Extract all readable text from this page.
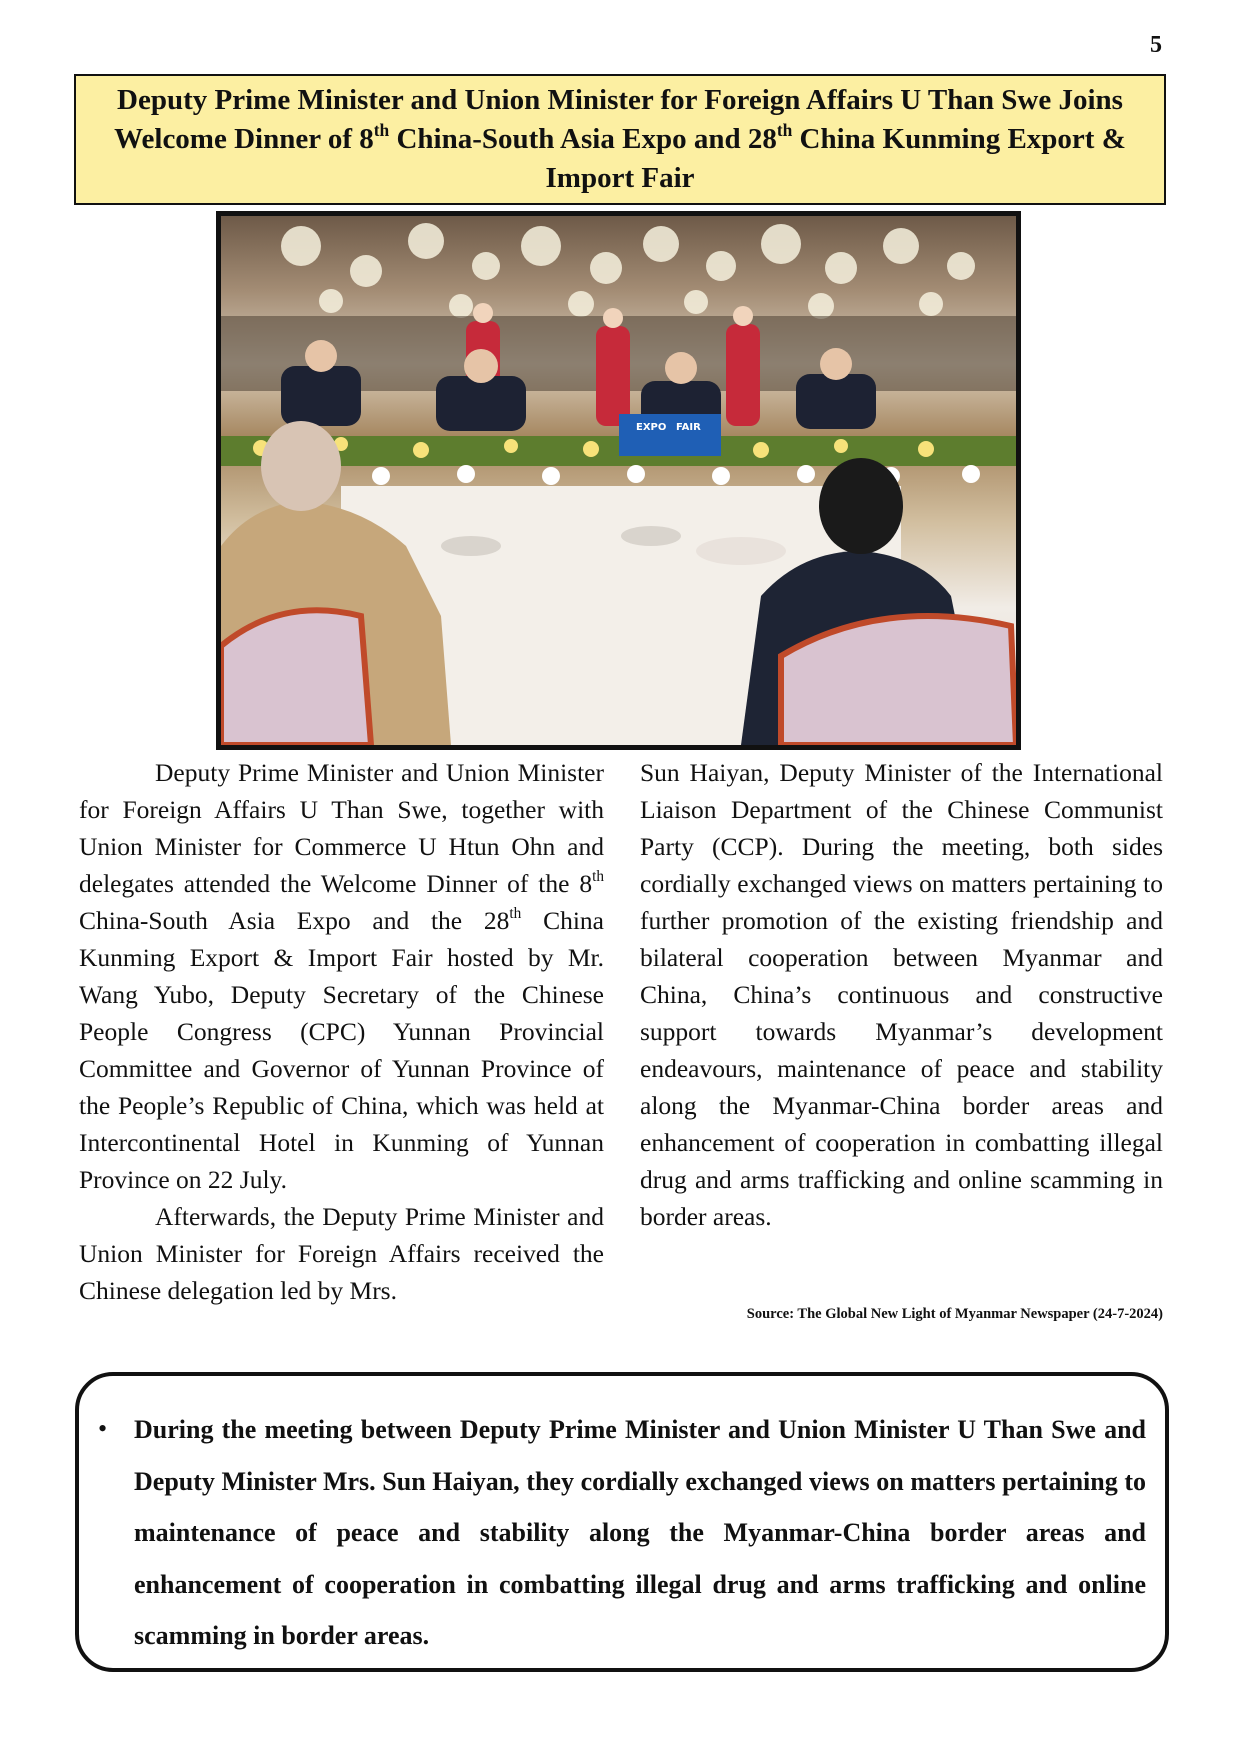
5
Deputy Prime Minister and Union Minister for Foreign Affairs U Than Swe Joins Welcome Dinner of 8th China-South Asia Expo and 28th China Kunming Export & Import Fair
EXPO FAIR

Deputy Prime Minister and Union Minister for Foreign Affairs U Than Swe, together with Union Minister for Commerce U Htun Ohn and delegates attended the Welcome Dinner of the 8th China-South Asia Expo and the 28th China Kunming Export & Import Fair hosted by Mr. Wang Yubo, Deputy Secretary of the Chinese People Congress (CPC) Yunnan Provincial Committee and Governor of Yunnan Province of the People’s Republic of China, which was held at Intercontinental Hotel in Kunming of Yunnan Province on 22 July.

Afterwards, the Deputy Prime Minister and Union Minister for Foreign Affairs received the Chinese delegation led by Mrs.

Sun Haiyan, Deputy Minister of the International Liaison Department of the Chinese Communist Party (CCP). During the meeting, both sides cordially exchanged views on matters pertaining to further promotion of the existing friendship and bilateral cooperation between Myanmar and China, China’s continuous and constructive support towards Myanmar’s development endeavours, maintenance of peace and stability along the Myanmar-China border areas and enhancement of cooperation in combatting illegal drug and arms trafficking and online scamming in border areas.

Source: The Global New Light of Myanmar Newspaper (24-7-2024)
• During the meeting between Deputy Prime Minister and Union Minister U Than Swe and Deputy Minister Mrs. Sun Haiyan, they cordially exchanged views on matters pertaining to maintenance of peace and stability along the Myanmar-China border areas and enhancement of cooperation in combatting illegal drug and arms trafficking and online scamming in border areas.
